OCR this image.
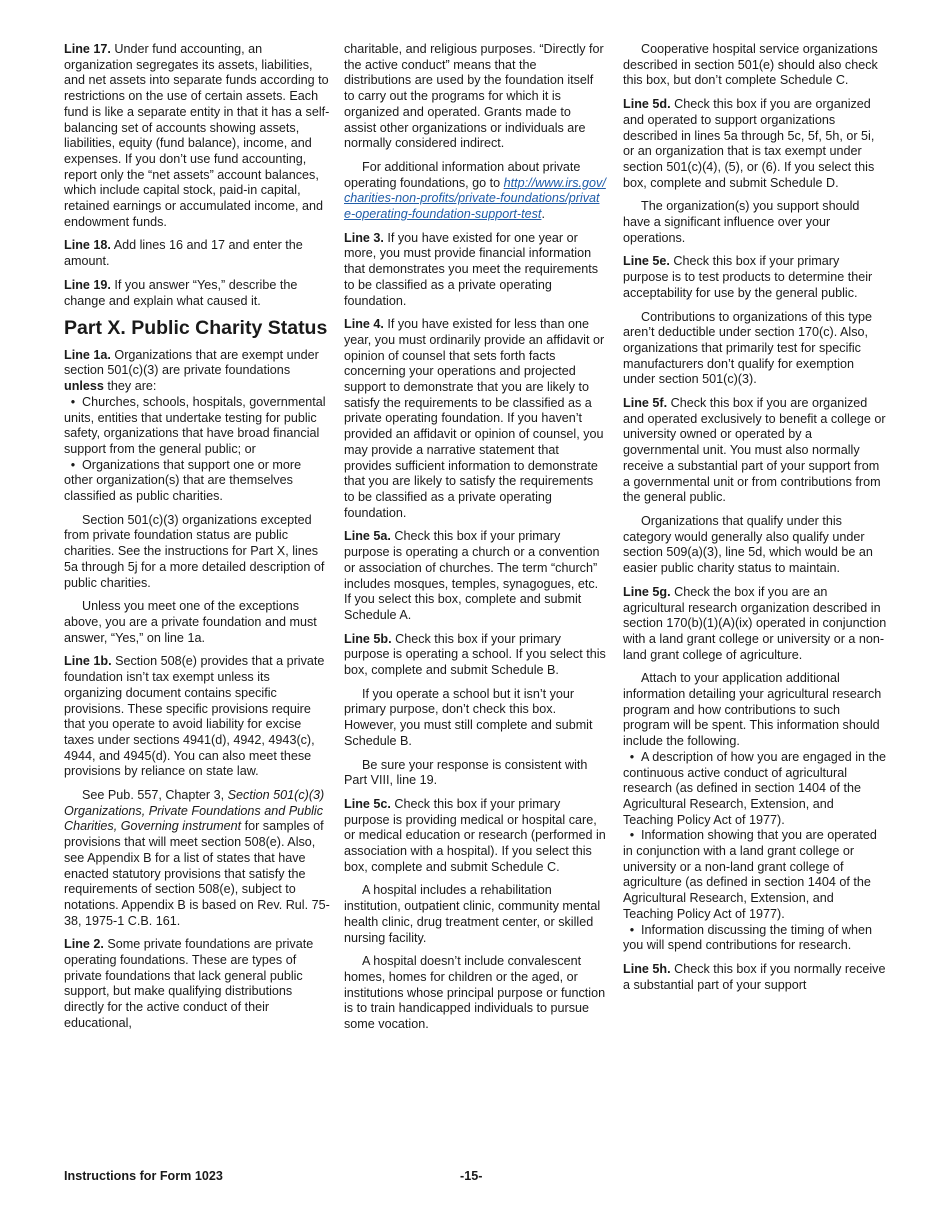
Line 17. Under fund accounting, an organization segregates its assets, liabilities, and net assets into separate funds according to restrictions on the use of certain assets. Each fund is like a separate entity in that it has a self-balancing set of accounts showing assets, liabilities, equity (fund balance), income, and expenses. If you don’t use fund accounting, report only the “net assets” account balances, which include capital stock, paid-in capital, retained earnings or accumulated income, and endowment funds.

Line 18. Add lines 16 and 17 and enter the amount.

Line 19. If you answer “Yes,” describe the change and explain what caused it.

Part X. Public Charity Status

Line 1a. Organizations that are exempt under section 501(c)(3) are private foundations unless they are:

• Churches, schools, hospitals, governmental units, entities that undertake testing for public safety, organizations that have broad financial support from the general public; or
• Organizations that support one or more other organization(s) that are themselves classified as public charities.

Section 501(c)(3) organizations excepted from private foundation status are public charities. See the instructions for Part X, lines 5a through 5j for a more detailed description of public charities.

Unless you meet one of the exceptions above, you are a private foundation and must answer, “Yes,” on line 1a.

Line 1b. Section 508(e) provides that a private foundation isn’t tax exempt unless its organizing document contains specific provisions. These specific provisions require that you operate to avoid liability for excise taxes under sections 4941(d), 4942, 4943(c), 4944, and 4945(d). You can also meet these provisions by reliance on state law.

See Pub. 557, Chapter 3, Section 501(c)(3) Organizations, Private Foundations and Public Charities, Governing instrument for samples of provisions that will meet section 508(e). Also, see Appendix B for a list of states that have enacted statutory provisions that satisfy the requirements of section 508(e), subject to notations. Appendix B is based on Rev. Rul. 75-38, 1975-1 C.B. 161.

Line 2. Some private foundations are private operating foundations. These are types of private foundations that lack general public support, but make qualifying distributions directly for the active conduct of their educational,

charitable, and religious purposes. “Directly for the active conduct” means that the distributions are used by the foundation itself to carry out the programs for which it is organized and operated. Grants made to assist other organizations or individuals are normally considered indirect.

For additional information about private operating foundations, go to http://www.irs.gov/charities-non-profits/private-foundations/private-operating-foundation-support-test.

Line 3. If you have existed for one year or more, you must provide financial information that demonstrates you meet the requirements to be classified as a private operating foundation.

Line 4. If you have existed for less than one year, you must ordinarily provide an affidavit or opinion of counsel that sets forth facts concerning your operations and projected support to demonstrate that you are likely to satisfy the requirements to be classified as a private operating foundation. If you haven’t provided an affidavit or opinion of counsel, you may provide a narrative statement that provides sufficient information to demonstrate that you are likely to satisfy the requirements to be classified as a private operating foundation.

Line 5a. Check this box if your primary purpose is operating a church or a convention or association of churches. The term “church” includes mosques, temples, synagogues, etc. If you select this box, complete and submit Schedule A.

Line 5b. Check this box if your primary purpose is operating a school. If you select this box, complete and submit Schedule B.

If you operate a school but it isn’t your primary purpose, don’t check this box. However, you must still complete and submit Schedule B.

Be sure your response is consistent with Part VIII, line 19.

Line 5c. Check this box if your primary purpose is providing medical or hospital care, or medical education or research (performed in association with a hospital). If you select this box, complete and submit Schedule C.

A hospital includes a rehabilitation institution, outpatient clinic, community mental health clinic, drug treatment center, or skilled nursing facility.

A hospital doesn’t include convalescent homes, homes for children or the aged, or institutions whose principal purpose or function is to train handicapped individuals to pursue some vocation.

Cooperative hospital service organizations described in section 501(e) should also check this box, but don’t complete Schedule C.

Line 5d. Check this box if you are organized and operated to support organizations described in lines 5a through 5c, 5f, 5h, or 5i, or an organization that is tax exempt under section 501(c)(4), (5), or (6). If you select this box, complete and submit Schedule D.

The organization(s) you support should have a significant influence over your operations.

Line 5e. Check this box if your primary purpose is to test products to determine their acceptability for use by the general public.

Contributions to organizations of this type aren’t deductible under section 170(c). Also, organizations that primarily test for specific manufacturers don’t qualify for exemption under section 501(c)(3).

Line 5f. Check this box if you are organized and operated exclusively to benefit a college or university owned or operated by a governmental unit. You must also normally receive a substantial part of your support from a governmental unit or from contributions from the general public.

Organizations that qualify under this category would generally also qualify under section 509(a)(3), line 5d, which would be an easier public charity status to maintain.

Line 5g. Check the box if you are an agricultural research organization described in section 170(b)(1)(A)(ix) operated in conjunction with a land grant college or university or a non-land grant college of agriculture.

Attach to your application additional information detailing your agricultural research program and how contributions to such program will be spent. This information should include the following.

• A description of how you are engaged in the continuous active conduct of agricultural research (as defined in section 1404 of the Agricultural Research, Extension, and Teaching Policy Act of 1977).
• Information showing that you are operated in conjunction with a land grant college or university or a non-land grant college of agriculture (as defined in section 1404 of the Agricultural Research, Extension, and Teaching Policy Act of 1977).
• Information discussing the timing of when you will spend contributions for research.

Line 5h. Check this box if you normally receive a substantial part of your support

Instructions for Form 1023	-15-
